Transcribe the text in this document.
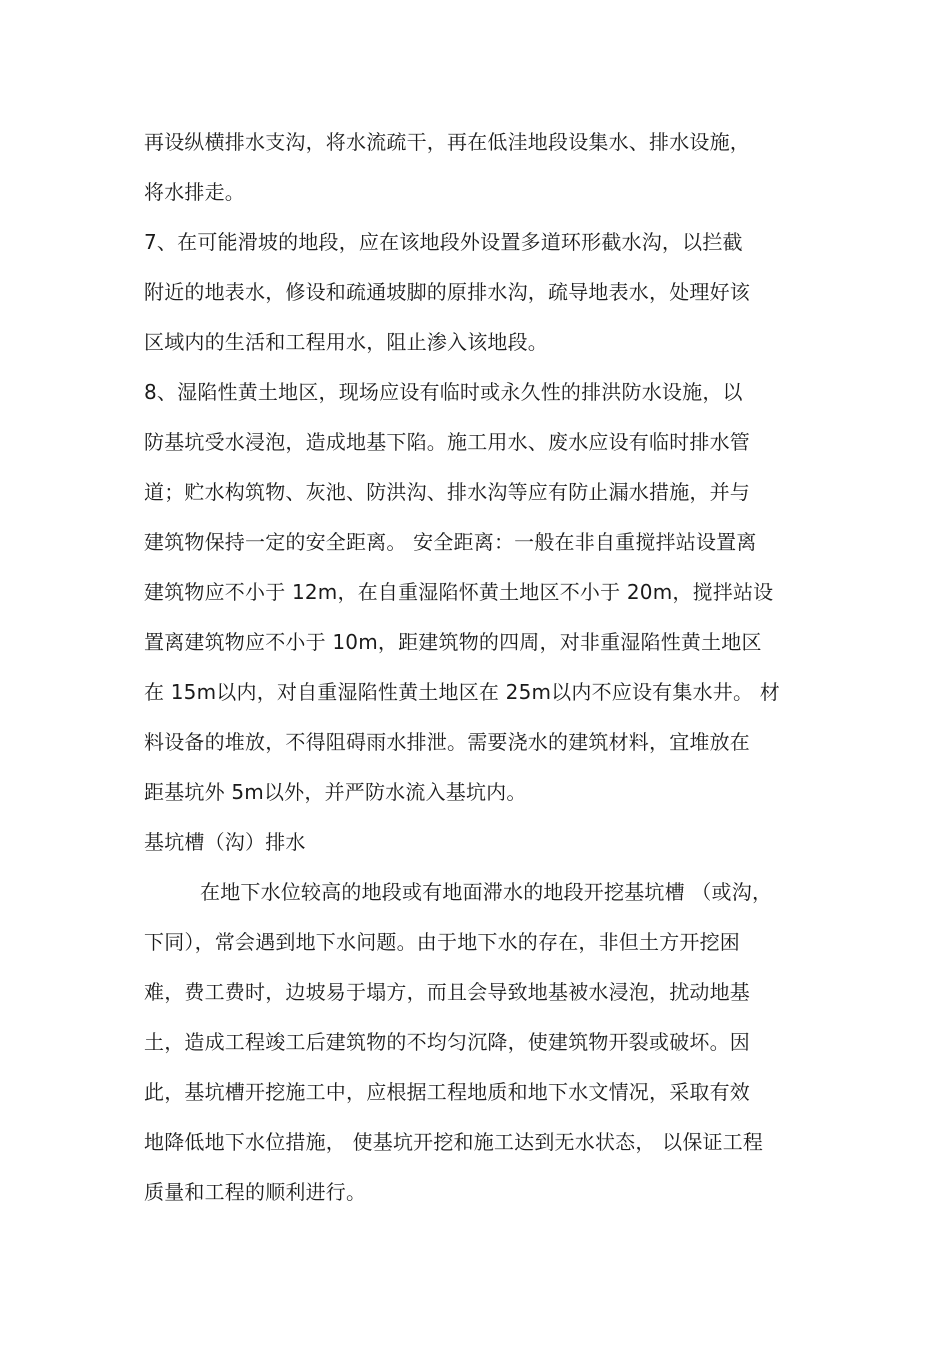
再设纵横排水支沟，将水流疏干，再在低洼地段设集水、排水设施，
将水排走。
7、在可能滑坡的地段，应在该地段外设置多道环形截水沟，以拦截
附近的地表水，修设和疏通坡脚的原排水沟，疏导地表水，处理好该
区域内的生活和工程用水，阻止渗入该地段。
8、湿陷性黄土地区，现场应设有临时或永久性的排洪防水设施，以
防基坑受水浸泡，造成地基下陷。施工用水、废水应设有临时排水管
道；贮水构筑物、灰池、防洪沟、排水沟等应有防止漏水措施，并与
建筑物保持一定的安全距离。 安全距离：一般在非自重搅拌站设置离
建筑物应不小于 12m，在自重湿陷怀黄土地区不小于 20m，搅拌站设
置离建筑物应不小于 10m，距建筑物的四周，对非重湿陷性黄土地区
在 15m以内，对自重湿陷性黄土地区在 25m以内不应设有集水井。 材
料设备的堆放，不得阻碍雨水排泄。需要浇水的建筑材料，宜堆放在
距基坑外 5m以外，并严防水流入基坑内。
基坑槽（沟）排水
在地下水位较高的地段或有地面滞水的地段开挖基坑槽 （或沟，
下同），常会遇到地下水问题。由于地下水的存在，非但土方开挖困
难，费工费时，边坡易于塌方，而且会导致地基被水浸泡，扰动地基
土，造成工程竣工后建筑物的不均匀沉降，使建筑物开裂或破坏。因
此，基坑槽开挖施工中，应根据工程地质和地下水文情况，采取有效
地降低地下水位措施， 使基坑开挖和施工达到无水状态， 以保证工程
质量和工程的顺利进行。
